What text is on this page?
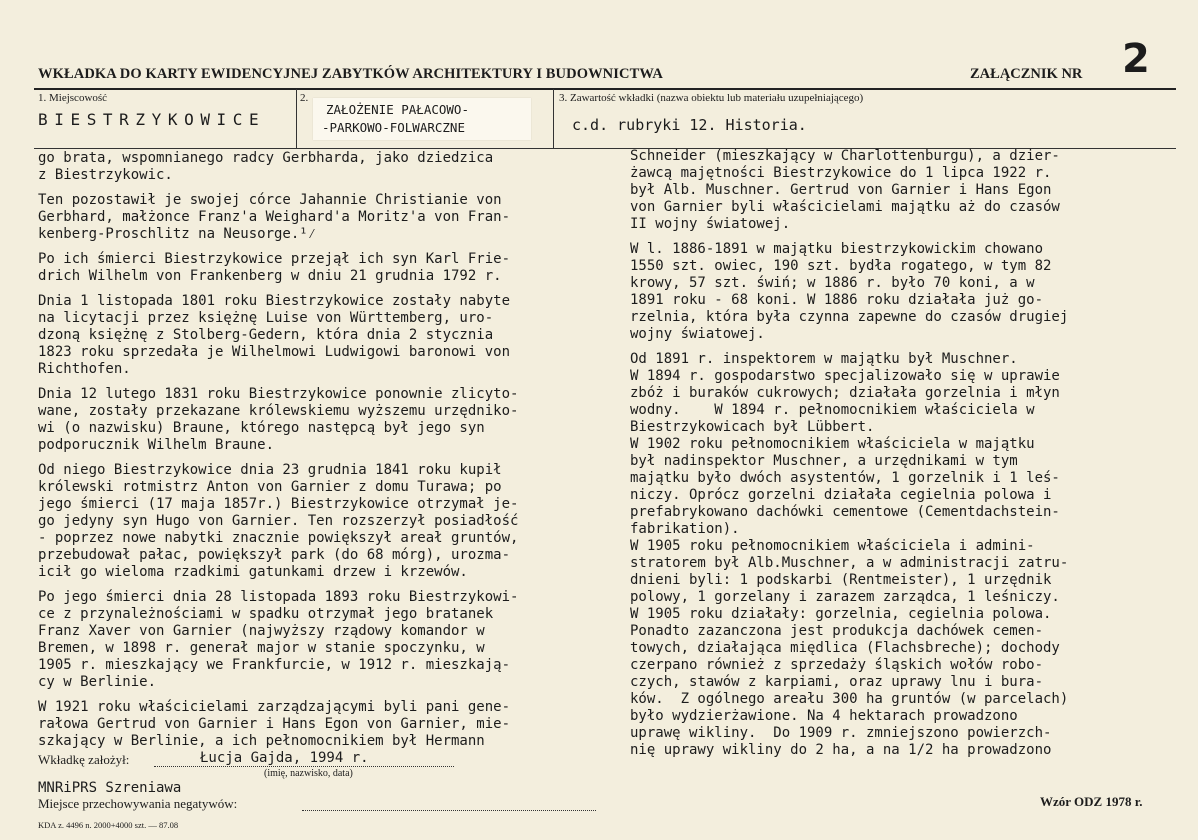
WKŁADKA DO KARTY EWIDENCYJNEJ ZABYTKÓW ARCHITEKTURY I BUDOWNICTWA	ZAŁĄCZNIK NR 2
1. Miejscowość
BIESTRZYKOWICE
2.
ZAŁOŻENIE PAŁACOWO-
-PARKOWO-FOLWARCZNE
3. Zawartość wkładki (nazwa obiektu lub materiału uzupełniającego)
c.d. rubryki 12. Historia.
go brata, wspomnianego radcy Gerbharda, jako dziedzica
z Biestrzykowic.
Ten pozostawił je swojej córce Jahannie Christianie von
Gerbhard, małżonce Franz'a Weighard'a Moritz'a von Fran-
kenberg-Proschlitz na Neusorge.¹⁄
Po ich śmierci Biestrzykowice przejął ich syn Karl Frie-
drich Wilhelm von Frankenberg w dniu 21 grudnia 1792 r.
Dnia 1 listopada 1801 roku Biestrzykowice zostały nabyte
na licytacji przez księżnę Luise von Württemberg, uro-
dzoną księżnę z Stolberg-Gedern, która dnia 2 stycznia
1823 roku sprzedała je Wilhelmowi Ludwigowi baronowi von
Richthofen.
Dnia 12 lutego 1831 roku Biestrzykowice ponownie zlicyto-
wane, zostały przekazane królewskiemu wyższemu urzędniko-
wi (o nazwisku) Braune, którego następcą był jego syn
podporucznik Wilhelm Braune.
Od niego Biestrzykowice dnia 23 grudnia 1841 roku kupił
królewski rotmistrz Anton von Garnier z domu Turawa; po
jego śmierci (17 maja 1857r.) Biestrzykowice otrzymał je-
go jedyny syn Hugo von Garnier. Ten rozszerzył posiadłość
- poprzez nowe nabytki znacznie powiększył areał gruntów,
przebudował pałac, powiększył park (do 68 mórg), urozma-
icił go wieloma rzadkimi gatunkami drzew i krzewów.
Po jego śmierci dnia 28 listopada 1893 roku Biestrzykowi-
ce z przynależnościami w spadku otrzymał jego bratanek
Franz Xaver von Garnier (najwyższy rządowy komandor w
Bremen, w 1898 r. generał major w stanie spoczynku, w
1905 r. mieszkający we Frankfurcie, w 1912 r. mieszkają-
cy w Berlinie.
W 1921 roku właścicielami zarządzającymi byli pani gene-
rałowa Gertrud von Garnier i Hans Egon von Garnier, mie-
szkający w Berlinie, a ich pełnomocnikiem był Hermann
Schneider (mieszkający w Charlottenburgu), a dzier-
żawcą majętności Biestrzykowice do 1 lipca 1922 r.
był Alb. Muschner. Gertrud von Garnier i Hans Egon
von Garnier byli właścicielami majątku aż do czasów
II wojny światowej.
W l. 1886-1891 w majątku biestrzykowickim chowano
1550 szt. owiec, 190 szt. bydła rogatego, w tym 82
krowy, 57 szt. świń; w 1886 r. było 70 koni, a w
1891 roku - 68 koni. W 1886 roku działała już go-
rzelnia, która była czynna zapewne do czasów drugiej
wojny światowej.
Od 1891 r. inspektorem w majątku był Muschner.
W 1894 r. gospodarstwo specjalizowało się w uprawie
zbóż i buraków cukrowych; działała gorzelnia i młyn
wodny.    W 1894 r. pełnomocnikiem właściciela w
Biestrzykowicach był Lübbert.
W 1902 roku pełnomocnikiem właściciela w majątku
był nadinspektor Muschner, a urzędnikami w tym
majątku było dwóch asystentów, 1 gorzelnik i 1 leś-
niczy. Oprócz gorzelni działała cegielnia polowa i
prefabrykowano dachówki cementowe (Cementdachstein-
fabrikation).
W 1905 roku pełnomocnikiem właściciela i admini-
stratorem był Alb.Muschner, a w administracji zatru-
dnieni byli: 1 podskarbi (Rentmeister), 1 urzędnik
polowy, 1 gorzelany i zarazem zarządca, 1 leśniczy.
W 1905 roku działały: gorzelnia, cegielnia polowa.
Ponadto zazanczona jest produkcja dachówek cemen-
towych, działająca międlica (Flachsbreche); dochody
czerpano również z sprzedaży śląskich wołów robo-
czych, stawów z karpiami, oraz uprawy lnu i bura-
ków.  Z ogólnego areału 300 ha gruntów (w parcelach)
było wydzierżawione. Na 4 hektarach prowadzono
uprawę wikliny.  Do 1909 r. zmniejszono powierzch-
nię uprawy wikliny do 2 ha, a na 1/2 ha prowadzono
Wkładkę założył:	Łucja Gajda, 1994 r.
(imię, nazwisko, data)
MNRiPRS Szreniawa
Miejsce przechowywania negatywów:	Wzór ODZ 1978 r.
KDA z. 4496 n. 2000+4000 szt. — 87.08
